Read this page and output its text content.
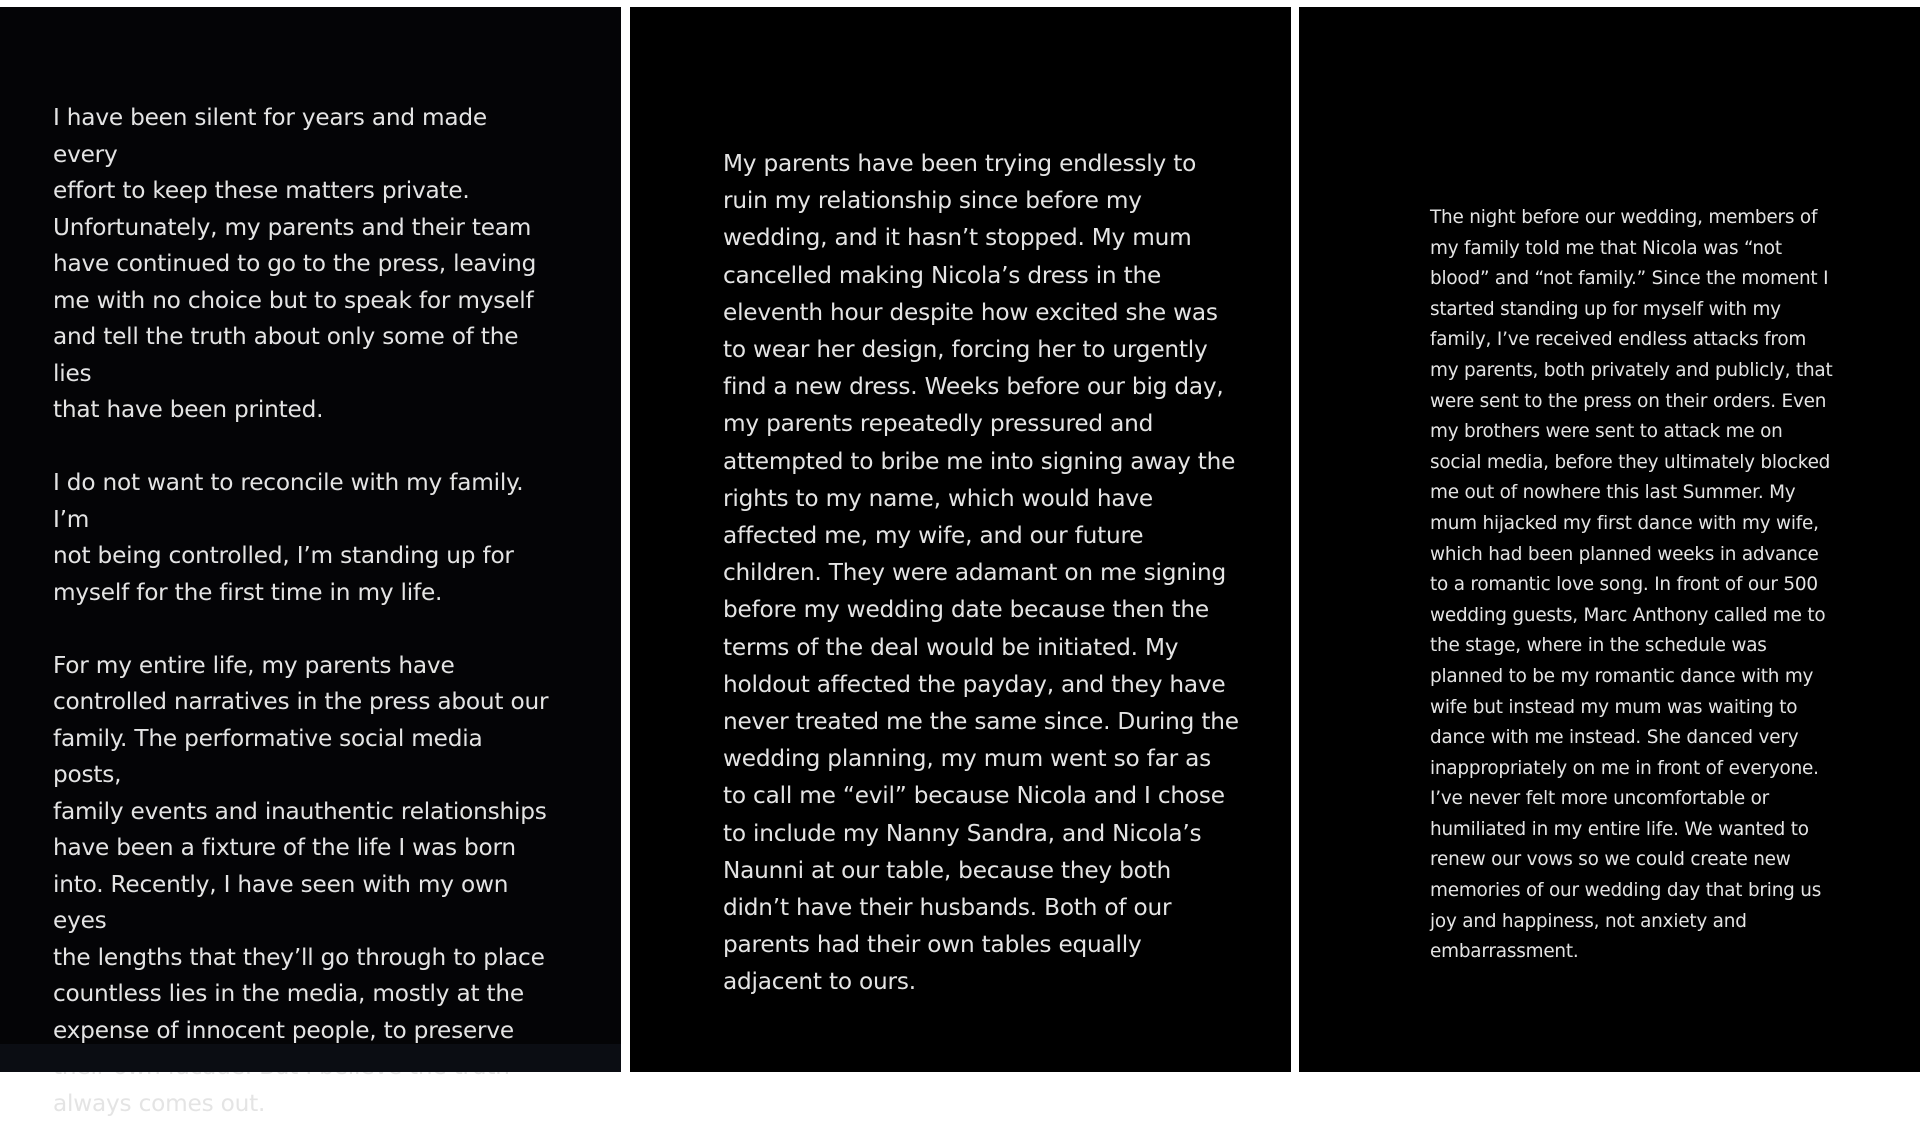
I have been silent for years and made every
effort to keep these matters private.
Unfortunately, my parents and their team
have continued to go to the press, leaving
me with no choice but to speak for myself
and tell the truth about only some of the lies
that have been printed.

I do not want to reconcile with my family. I’m
not being controlled, I’m standing up for
myself for the first time in my life.

For my entire life, my parents have
controlled narratives in the press about our
family. The performative social media posts,
family events and inauthentic relationships
have been a fixture of the life I was born
into. Recently, I have seen with my own eyes
the lengths that they’ll go through to place
countless lies in the media, mostly at the
expense of innocent people, to preserve

always comes out.

My parents have been trying endlessly to
ruin my relationship since before my
wedding, and it hasn’t stopped. My mum
cancelled making Nicola’s dress in the
eleventh hour despite how excited she was
to wear her design, forcing her to urgently
find a new dress. Weeks before our big day,
my parents repeatedly pressured and
attempted to bribe me into signing away the
rights to my name, which would have
affected me, my wife, and our future
children. They were adamant on me signing
before my wedding date because then the
terms of the deal would be initiated. My
holdout affected the payday, and they have
never treated me the same since. During the
wedding planning, my mum went so far as
to call me “evil” because Nicola and I chose
to include my Nanny Sandra, and Nicola’s
Naunni at our table, because they both
didn’t have their husbands. Both of our
parents had their own tables equally
adjacent to ours.

The night before our wedding, members of
my family told me that Nicola was “not
blood” and “not family.” Since the moment I
started standing up for myself with my
family, I’ve received endless attacks from
my parents, both privately and publicly, that
were sent to the press on their orders. Even
my brothers were sent to attack me on
social media, before they ultimately blocked
me out of nowhere this last Summer. My
mum hijacked my first dance with my wife,
which had been planned weeks in advance
to a romantic love song. In front of our 500
wedding guests, Marc Anthony called me to
the stage, where in the schedule was
planned to be my romantic dance with my
wife but instead my mum was waiting to
dance with me instead. She danced very
inappropriately on me in front of everyone.
I’ve never felt more uncomfortable or
humiliated in my entire life. We wanted to
renew our vows so we could create new
memories of our wedding day that bring us
joy and happiness, not anxiety and
embarrassment.
